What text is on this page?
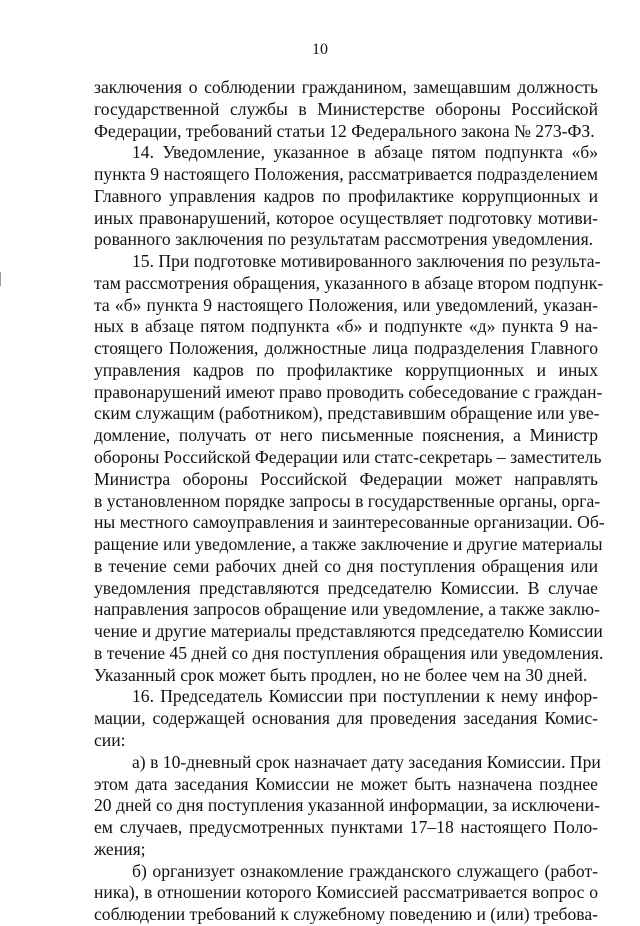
10
заключения о соблюдении гражданином, замещавшим должность
государственной службы в Министерстве обороны Российской
Федерации, требований статьи 12 Федерального закона № 273-ФЗ.
14. Уведомление, указанное в абзаце пятом подпункта «б»
пункта 9 настоящего Положения, рассматривается подразделением
Главного управления кадров по профилактике коррупционных и
иных правонарушений, которое осуществляет подготовку мотиви-
рованного заключения по результатам рассмотрения уведомления.
15. При подготовке мотивированного заключения по результа-
там рассмотрения обращения, указанного в абзаце втором подпунк-
та «б» пункта 9 настоящего Положения, или уведомлений, указан-
ных в абзаце пятом подпункта «б» и подпункте «д» пункта 9 на-
стоящего Положения, должностные лица подразделения Главного
управления кадров по профилактике коррупционных и иных
правонарушений имеют право проводить собеседование с граждан-
ским служащим (работником), представившим обращение или уве-
домление, получать от него письменные пояснения, а Министр
обороны Российской Федерации или статс-секретарь – заместитель
Министра обороны Российской Федерации может направлять
в установленном порядке запросы в государственные органы, орга-
ны местного самоуправления и заинтересованные организации. Об-
ращение или уведомление, а также заключение и другие материалы
в течение семи рабочих дней со дня поступления обращения или
уведомления представляются председателю Комиссии. В случае
направления запросов обращение или уведомление, а также заклю-
чение и другие материалы представляются председателю Комиссии
в течение 45 дней со дня поступления обращения или уведомления.
Указанный срок может быть продлен, но не более чем на 30 дней.
16. Председатель Комиссии при поступлении к нему инфор-
мации, содержащей основания для проведения заседания Комис-
сии:
а) в 10-дневный срок назначает дату заседания Комиссии. При
этом дата заседания Комиссии не может быть назначена позднее
20 дней со дня поступления указанной информации, за исключени-
ем случаев, предусмотренных пунктами 17–18 настоящего Поло-
жения;
б) организует ознакомление гражданского служащего (работ-
ника), в отношении которого Комиссией рассматривается вопрос о
соблюдении требований к служебному поведению и (или) требова-
